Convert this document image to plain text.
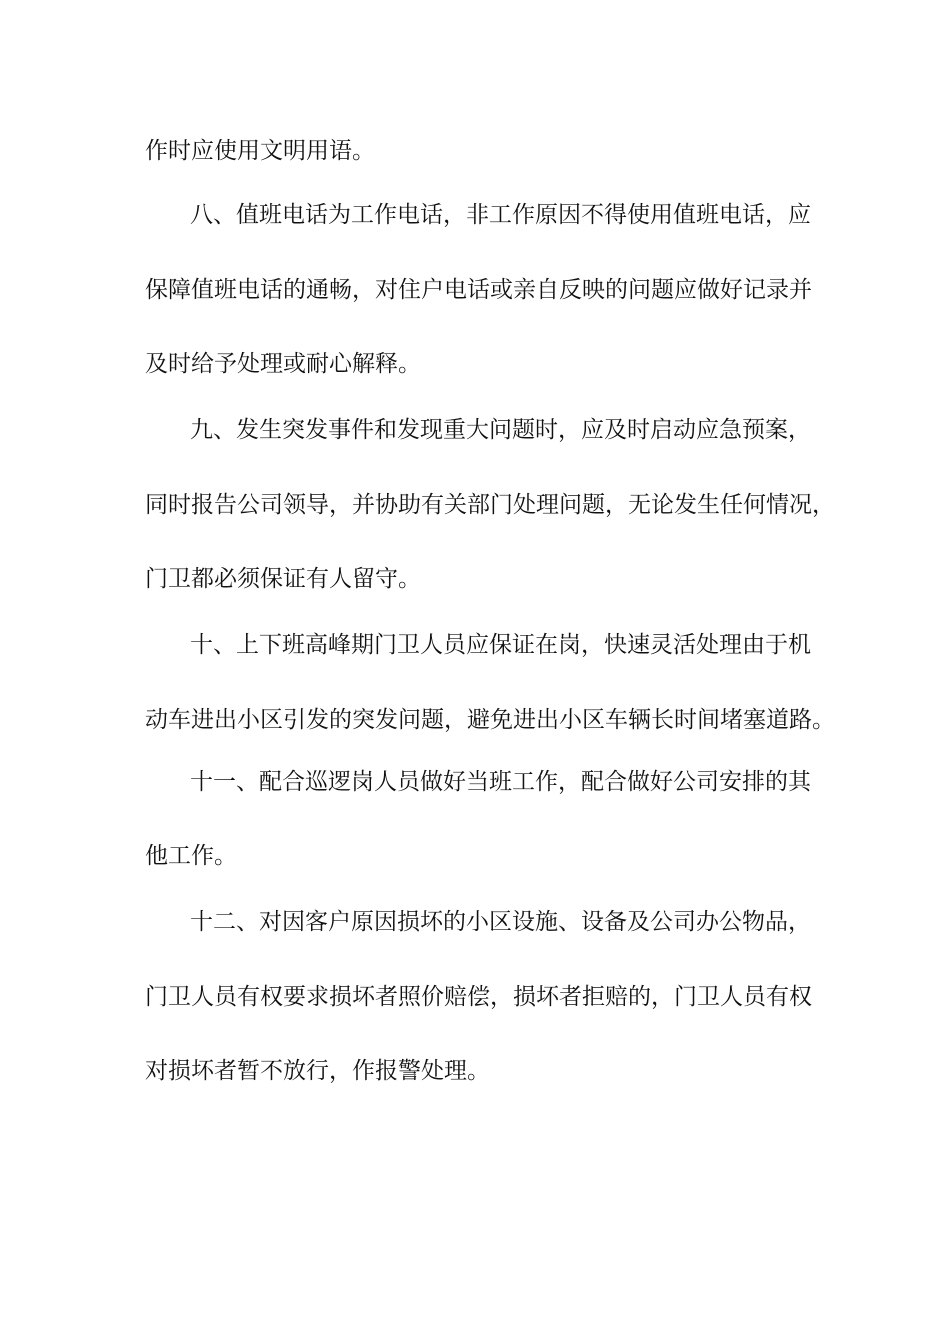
作时应使用文明用语。
八、值班电话为工作电话，非工作原因不得使用值班电话，应
保障值班电话的通畅，对住户电话或亲自反映的问题应做好记录并
及时给予处理或耐心解释。
九、发生突发事件和发现重大问题时，应及时启动应急预案，
同时报告公司领导，并协助有关部门处理问题，无论发生任何情况，
门卫都必须保证有人留守。
十、上下班高峰期门卫人员应保证在岗，快速灵活处理由于机
动车进出小区引发的突发问题，避免进出小区车辆长时间堵塞道路。
十一、配合巡逻岗人员做好当班工作，配合做好公司安排的其
他工作。
十二、对因客户原因损坏的小区设施、设备及公司办公物品，
门卫人员有权要求损坏者照价赔偿，损坏者拒赔的，门卫人员有权
对损坏者暂不放行，作报警处理。
